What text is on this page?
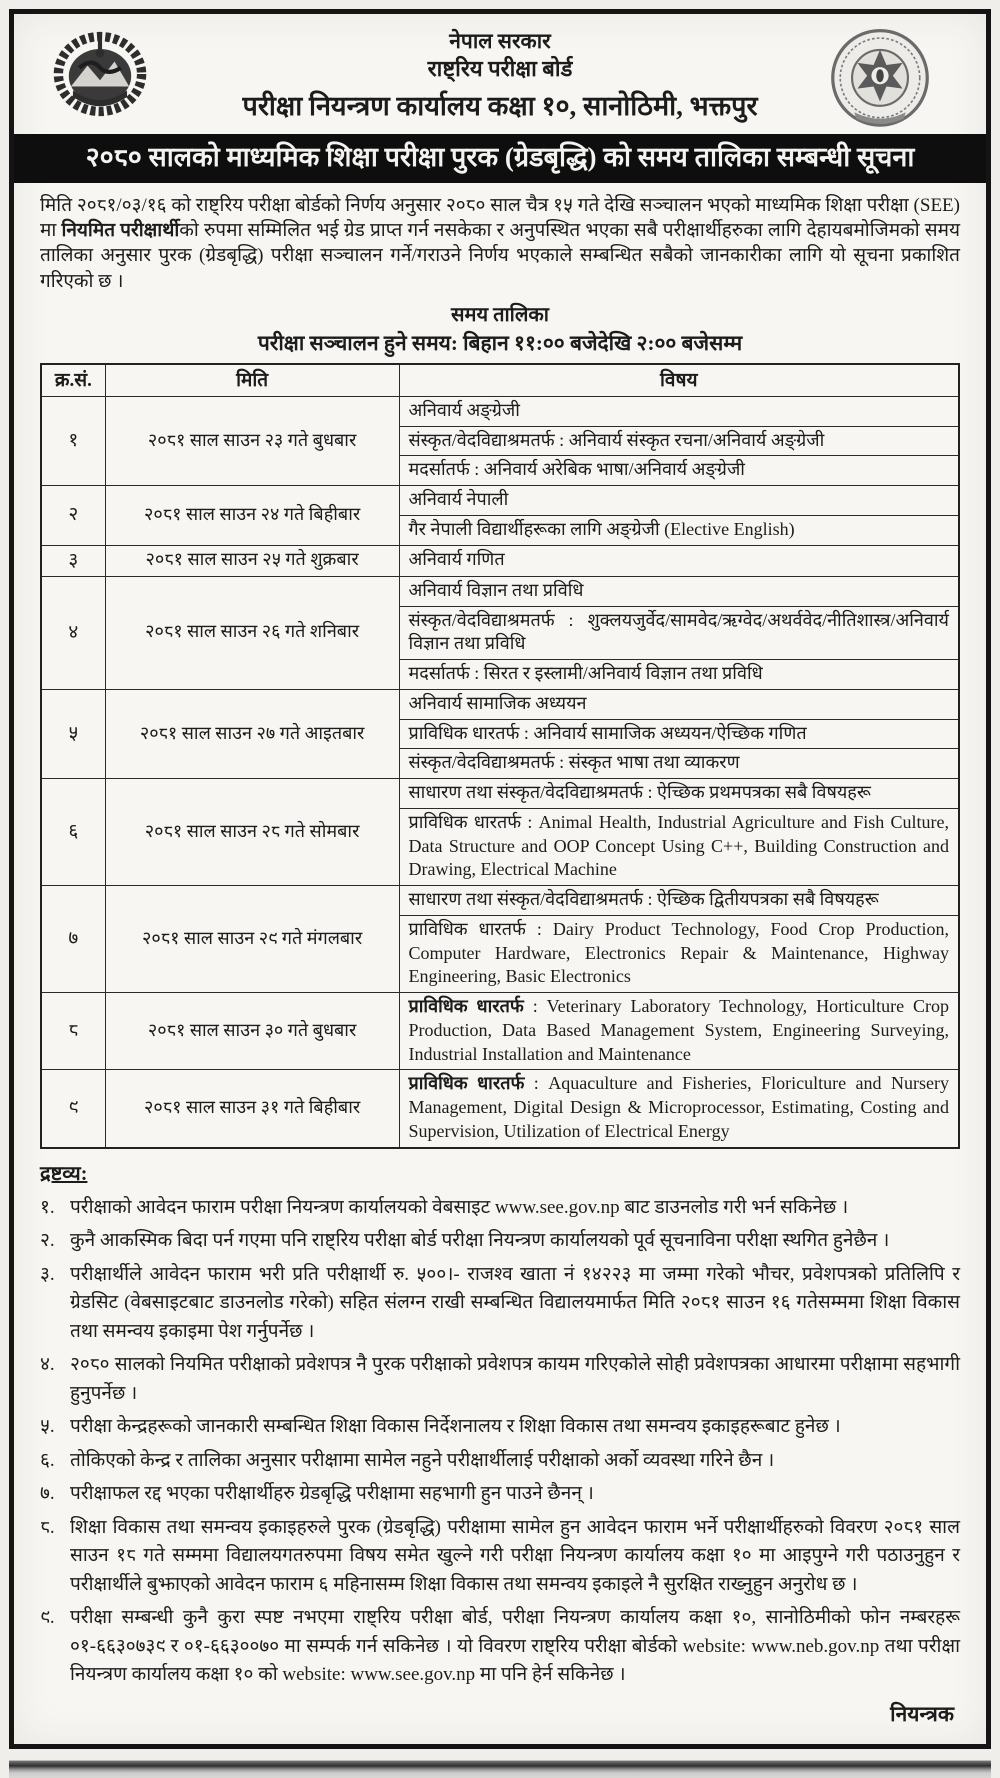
नेपाल सरकार
राष्ट्रिय परीक्षा बोर्ड
परीक्षा नियन्त्रण कार्यालय कक्षा १०, सानोठिमी, भक्तपुर
२०८० सालको माध्यमिक शिक्षा परीक्षा पुरक (ग्रेडबृद्धि) को समय तालिका सम्बन्धी सूचना

मिति २०८१/०३/१६ को राष्ट्रिय परीक्षा बोर्डको निर्णय अनुसार २०८० साल चैत्र १५ गते देखि सञ्चालन भएको माध्यमिक शिक्षा परीक्षा (SEE) मा नियमित परीक्षार्थीको रुपमा सम्मिलित भई ग्रेड प्राप्त गर्न नसकेका र अनुपस्थित भएका सबै परीक्षार्थीहरुका लागि देहायबमोजिमको समय तालिका अनुसार पुरक (ग्रेडबृद्धि) परीक्षा सञ्चालन गर्ने/गराउने निर्णय भएकाले सम्बन्धित सबैको जानकारीका लागि यो सूचना प्रकाशित गरिएको छ ।

समय तालिका
परीक्षा सञ्चालन हुने समय: बिहान ११:०० बजेदेखि २:०० बजेसम्म
क्र.सं.	मिति	विषय
१	२०८१ साल साउन २३ गते बुधबार	अनिवार्य अङ्ग्रेजी
		संस्कृत/वेदविद्याश्रमतर्फ : अनिवार्य संस्कृत रचना/अनिवार्य अङ्ग्रेजी
		मदर्सातर्फ : अनिवार्य अरेबिक भाषा/अनिवार्य अङ्ग्रेजी
२	२०८१ साल साउन २४ गते बिहीबार	अनिवार्य नेपाली
		गैर नेपाली विद्यार्थीहरूका लागि अङ्ग्रेजी (Elective English)
३	२०८१ साल साउन २५ गते शुक्रबार	अनिवार्य गणित
४	२०८१ साल साउन २६ गते शनिबार	अनिवार्य विज्ञान तथा प्रविधि
		संस्कृत/वेदविद्याश्रमतर्फ : शुक्लयजुर्वेद/सामवेद/ऋग्वेद/अथर्ववेद/नीतिशास्त्र/अनिवार्य विज्ञान तथा प्रविधि
		मदर्सातर्फ : सिरत र इस्लामी/अनिवार्य विज्ञान तथा प्रविधि
५	२०८१ साल साउन २७ गते आइतबार	अनिवार्य सामाजिक अध्ययन
		प्राविधिक धारतर्फ : अनिवार्य सामाजिक अध्ययन/ऐच्छिक गणित
		संस्कृत/वेदविद्याश्रमतर्फ : संस्कृत भाषा तथा व्याकरण
६	२०८१ साल साउन २८ गते सोमबार	साधारण तथा संस्कृत/वेदविद्याश्रमतर्फ : ऐच्छिक प्रथमपत्रका सबै विषयहरू
		प्राविधिक धारतर्फ : Animal Health, Industrial Agriculture and Fish Culture, Data Structure and OOP Concept Using C++, Building Construction and Drawing, Electrical Machine
७	२०८१ साल साउन २९ गते मंगलबार	साधारण तथा संस्कृत/वेदविद्याश्रमतर्फ : ऐच्छिक द्वितीयपत्रका सबै विषयहरू
		प्राविधिक धारतर्फ : Dairy Product Technology, Food Crop Production, Computer Hardware, Electronics Repair & Maintenance, Highway Engineering, Basic Electronics
८	२०८१ साल साउन ३० गते बुधबार	प्राविधिक धारतर्फ : Veterinary Laboratory Technology, Horticulture Crop Production, Data Based Management System, Engineering Surveying, Industrial Installation and Maintenance
९	२०८१ साल साउन ३१ गते बिहीबार	प्राविधिक धारतर्फ : Aquaculture and Fisheries, Floriculture and Nursery Management, Digital Design & Microprocessor, Estimating, Costing and Supervision, Utilization of Electrical Energy
द्रष्टव्य:
१. परीक्षाको आवेदन फाराम परीक्षा नियन्त्रण कार्यालयको वेबसाइट www.see.gov.np बाट डाउनलोड गरी भर्न सकिनेछ ।
२. कुनै आकस्मिक बिदा पर्न गएमा पनि राष्ट्रिय परीक्षा बोर्ड परीक्षा नियन्त्रण कार्यालयको पूर्व सूचनाविना परीक्षा स्थगित हुनेछैन ।
३. परीक्षार्थीले आवेदन फाराम भरी प्रति परीक्षार्थी रु. ५००।- राजश्व खाता नं १४२२३ मा जम्मा गरेको भौचर, प्रवेशपत्रको प्रतिलिपि र ग्रेडसिट (वेबसाइटबाट डाउनलोड गरेको) सहित संलग्न राखी सम्बन्धित विद्यालयमार्फत मिति २०८१ साउन १६ गतेसम्ममा शिक्षा विकास तथा समन्वय इकाइमा पेश गर्नुपर्नेछ ।
४. २०८० सालको नियमित परीक्षाको प्रवेशपत्र नै पुरक परीक्षाको प्रवेशपत्र कायम गरिएकोले सोही प्रवेशपत्रका आधारमा परीक्षामा सहभागी हुनुपर्नेछ ।
५. परीक्षा केन्द्रहरूको जानकारी सम्बन्धित शिक्षा विकास निर्देशनालय र शिक्षा विकास तथा समन्वय इकाइहरूबाट हुनेछ ।
६. तोकिएको केन्द्र र तालिका अनुसार परीक्षामा सामेल नहुने परीक्षार्थीलाई परीक्षाको अर्को व्यवस्था गरिने छैन ।
७. परीक्षाफल रद्द भएका परीक्षार्थीहरु ग्रेडबृद्धि परीक्षामा सहभागी हुन पाउने छैनन् ।
८. शिक्षा विकास तथा समन्वय इकाइहरुले पुरक (ग्रेडबृद्धि) परीक्षामा सामेल हुन आवेदन फाराम भर्ने परीक्षार्थीहरुको विवरण २०८१ साल साउन १८ गते सम्ममा विद्यालयगतरुपमा विषय समेत खुल्ने गरी परीक्षा नियन्त्रण कार्यालय कक्षा १० मा आइपुग्ने गरी पठाउनुहुन र परीक्षार्थीले बुझाएको आवेदन फाराम ६ महिनासम्म शिक्षा विकास तथा समन्वय इकाइले नै सुरक्षित राख्नुहुन अनुरोध छ ।
९. परीक्षा सम्बन्धी कुनै कुरा स्पष्ट नभएमा राष्ट्रिय परीक्षा बोर्ड, परीक्षा नियन्त्रण कार्यालय कक्षा १०, सानोठिमीको फोन नम्बरहरू ०१-६६३०७३९ र ०१-६६३००७० मा सम्पर्क गर्न सकिनेछ । यो विवरण राष्ट्रिय परीक्षा बोर्डको website: www.neb.gov.np तथा परीक्षा नियन्त्रण कार्यालय कक्षा १० को website: www.see.gov.np मा पनि हेर्न सकिनेछ ।
नियन्त्रक
